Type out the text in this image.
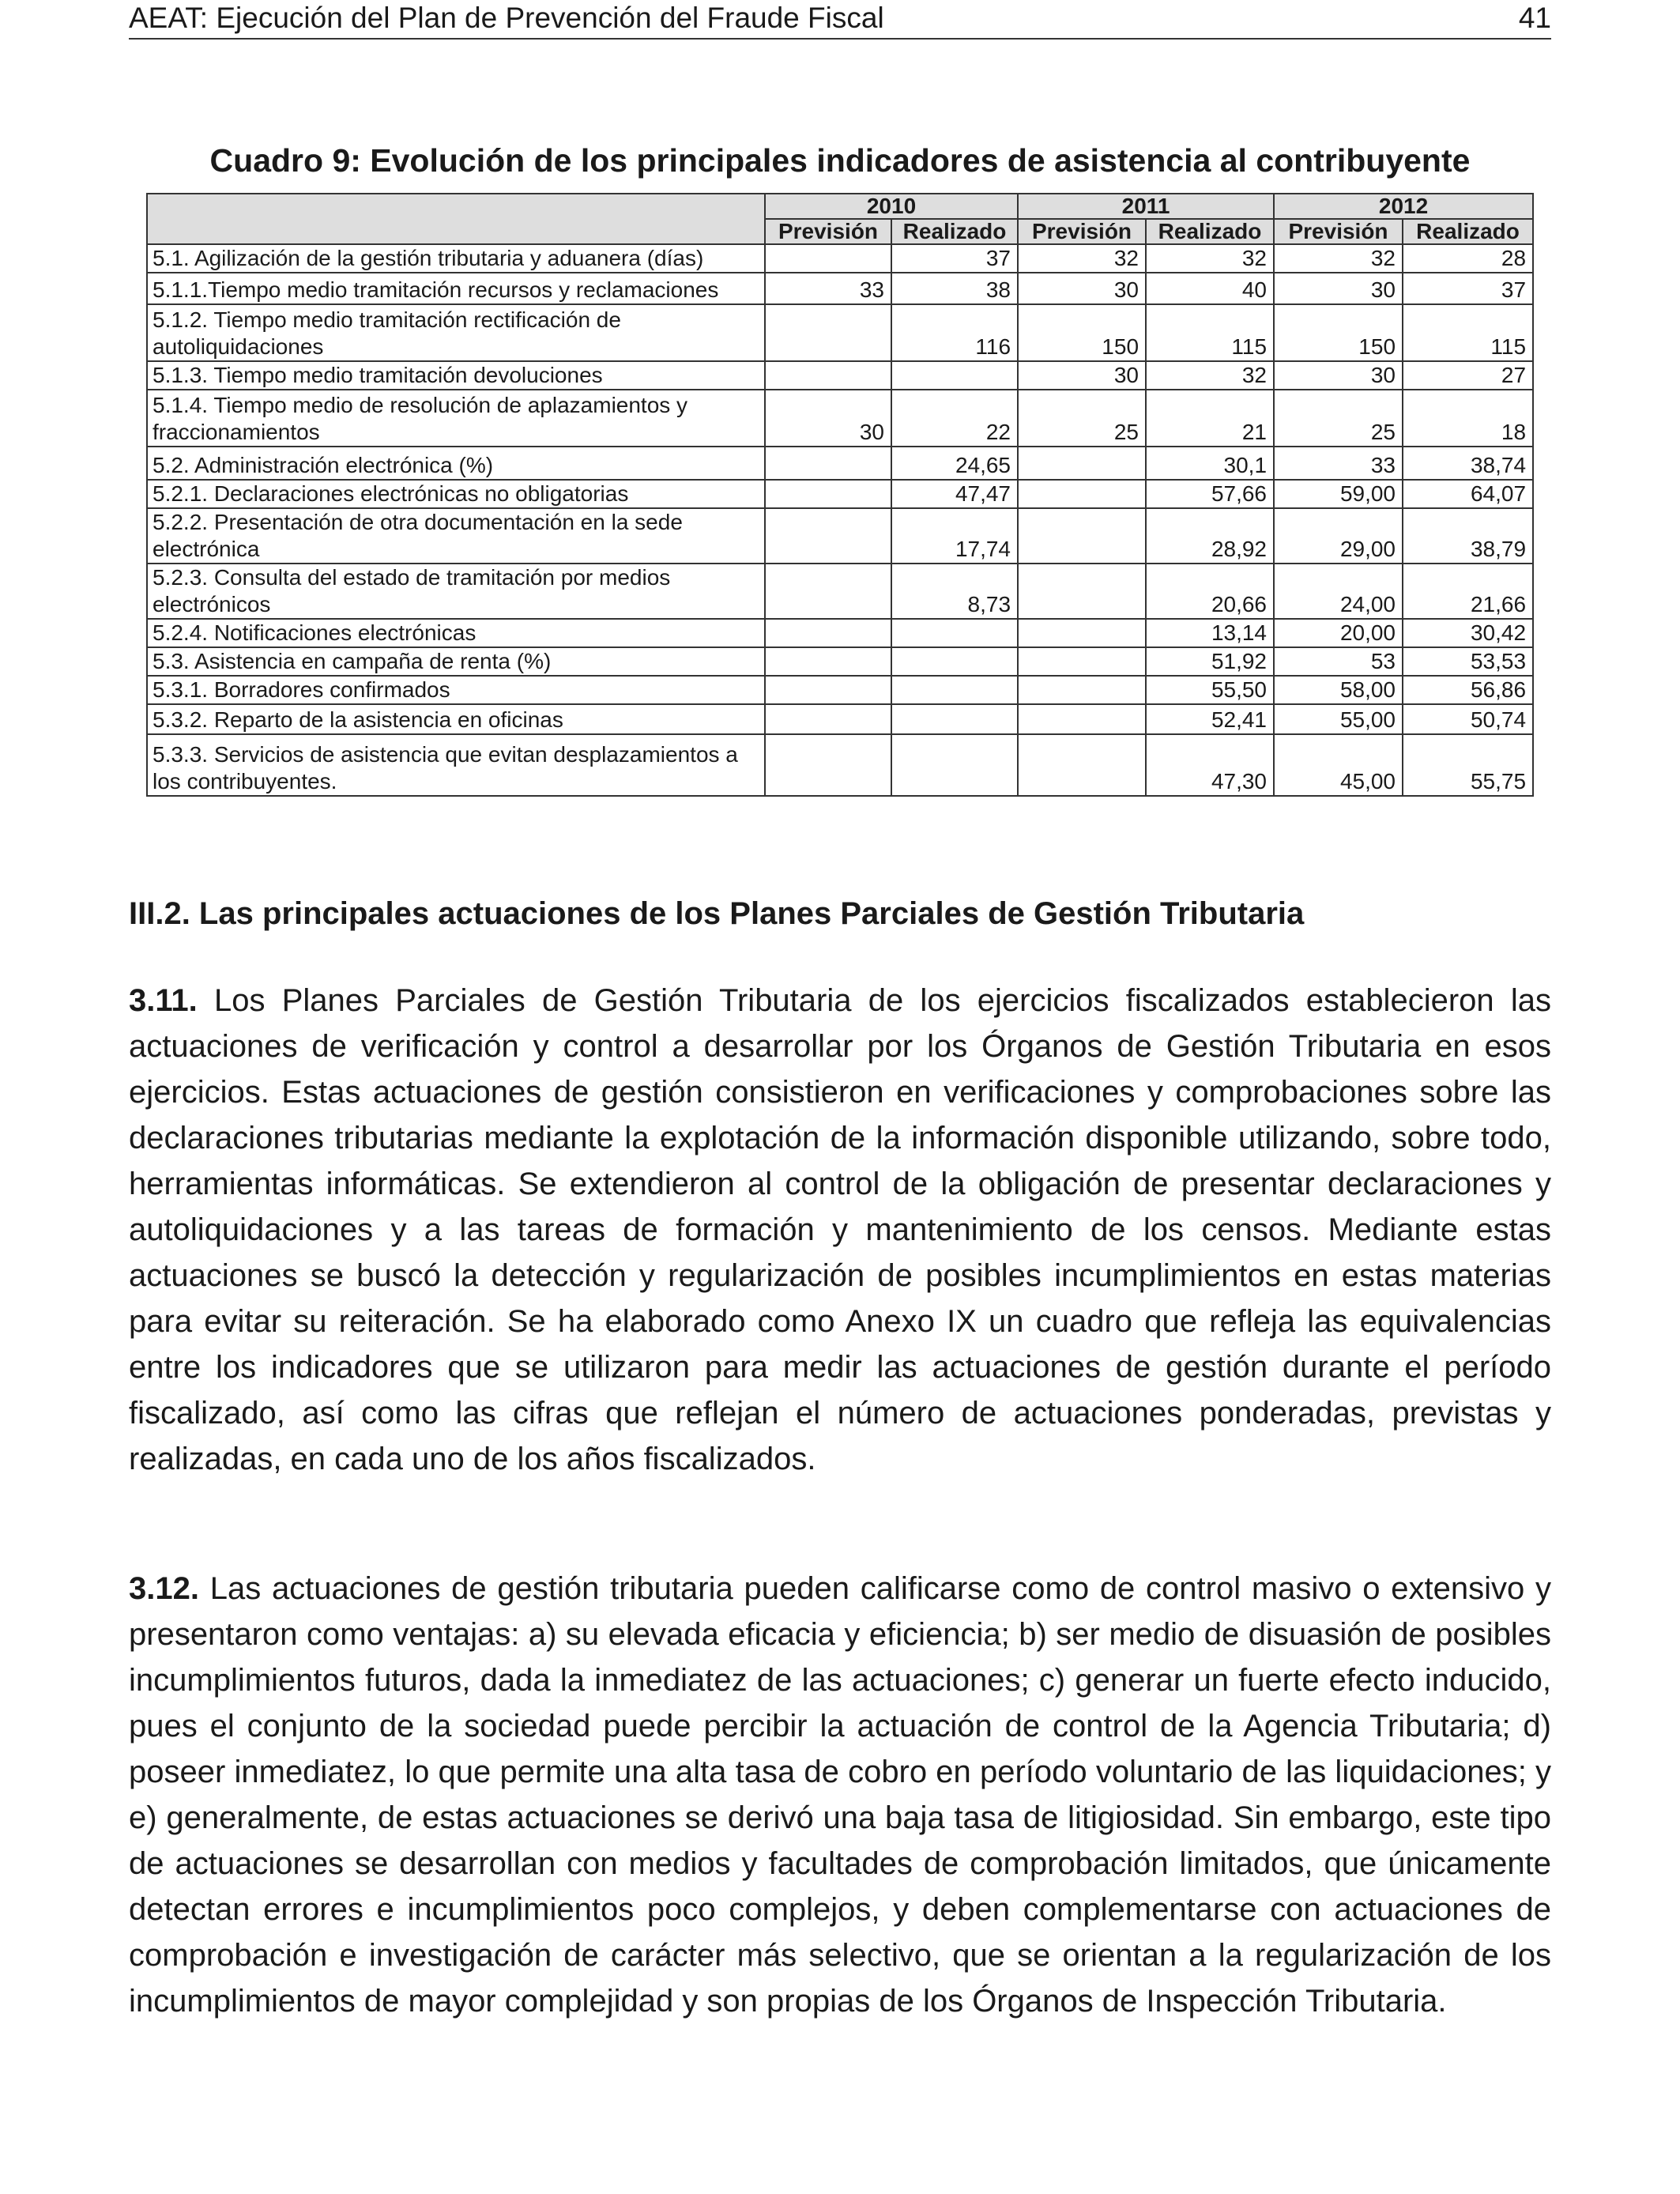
AEAT: Ejecución del Plan de Prevención del Fraude Fiscal	41
Cuadro 9: Evolución de los principales indicadores de asistencia al contribuyente
	2010		2011		2012	
	Previsión	Realizado	Previsión	Realizado	Previsión	Realizado
5.1. Agilización de la gestión tributaria y aduanera (días)		37	32	32	32	28
5.1.1.Tiempo medio tramitación recursos y reclamaciones	33	38	30	40	30	37
5.1.2. Tiempo medio tramitación rectificación de autoliquidaciones		116	150	115	150	115
5.1.3. Tiempo medio tramitación devoluciones			30	32	30	27
5.1.4. Tiempo medio de resolución de aplazamientos y fraccionamientos	30	22	25	21	25	18
5.2. Administración electrónica (%)		24,65		30,1	33	38,74
5.2.1. Declaraciones electrónicas no obligatorias		47,47		57,66	59,00	64,07
5.2.2. Presentación de otra documentación en la sede electrónica		17,74		28,92	29,00	38,79
5.2.3. Consulta del estado de tramitación por medios electrónicos		8,73		20,66	24,00	21,66
5.2.4. Notificaciones electrónicas				13,14	20,00	30,42
5.3. Asistencia en campaña de renta (%)				51,92	53	53,53
5.3.1. Borradores confirmados				55,50	58,00	56,86
5.3.2. Reparto de la asistencia en oficinas				52,41	55,00	50,74
5.3.3. Servicios de asistencia que evitan desplazamientos a los contribuyentes.				47,30	45,00	55,75
III.2. Las principales actuaciones de los Planes Parciales de Gestión Tributaria

3.11. Los Planes Parciales de Gestión Tributaria de los ejercicios fiscalizados establecieron las actuaciones de verificación y control a desarrollar por los Órganos de Gestión Tributaria en esos ejercicios. Estas actuaciones de gestión consistieron en verificaciones y comprobaciones sobre las declaraciones tributarias mediante la explotación de la información disponible utilizando, sobre todo, herramientas informáticas. Se extendieron al control de la obligación de presentar declaraciones y autoliquidaciones y a las tareas de formación y mantenimiento de los censos. Mediante estas actuaciones se buscó la detección y regularización de posibles incumplimientos en estas materias para evitar su reiteración. Se ha elaborado como Anexo IX un cuadro que refleja las equivalencias entre los indicadores que se utilizaron para medir las actuaciones de gestión durante el período fiscalizado, así como las cifras que reflejan el número de actuaciones ponderadas, previstas y realizadas, en cada uno de los años fiscalizados.

3.12. Las actuaciones de gestión tributaria pueden calificarse como de control masivo o extensivo y presentaron como ventajas: a) su elevada eficacia y eficiencia; b) ser medio de disuasión de posibles incumplimientos futuros, dada la inmediatez de las actuaciones; c) generar un fuerte efecto inducido, pues el conjunto de la sociedad puede percibir la actuación de control de la Agencia Tributaria; d) poseer inmediatez, lo que permite una alta tasa de cobro en período voluntario de las liquidaciones; y e) generalmente, de estas actuaciones se derivó una baja tasa de litigiosidad. Sin embargo, este tipo de actuaciones se desarrollan con medios y facultades de comprobación limitados, que únicamente detectan errores e incumplimientos poco complejos, y deben complementarse con actuaciones de comprobación e investigación de carácter más selectivo, que se orientan a la regularización de los incumplimientos de mayor complejidad y son propias de los Órganos de Inspección Tributaria.
